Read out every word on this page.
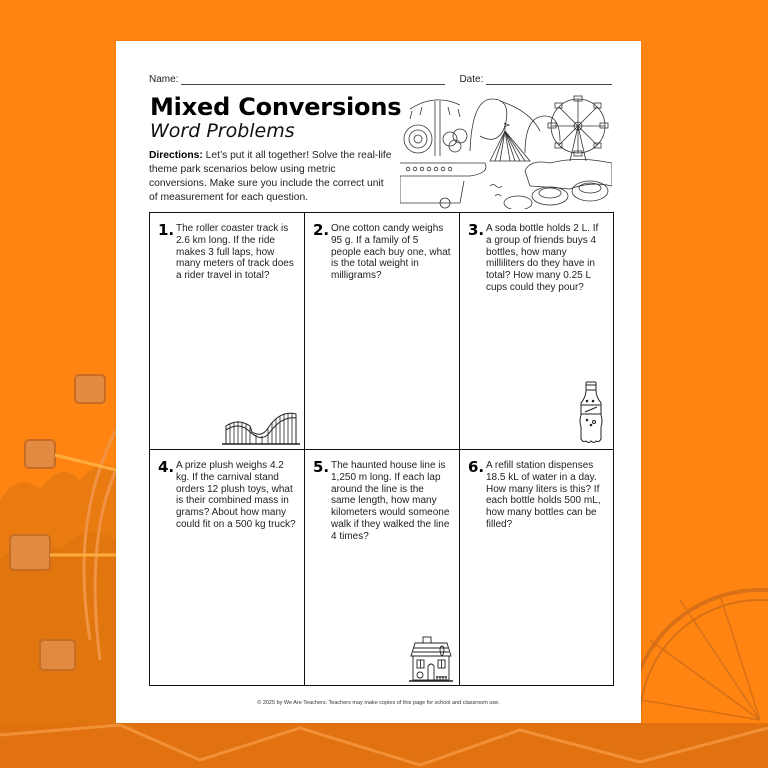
Name:	Date:
Mixed Conversions
Word Problems
Directions: Let’s put it all together! Solve the real-life theme park scenarios below using metric conversions. Make sure you include the correct unit of measurement for each question.
1. The roller coaster track is 2.6 km long. If the ride makes 3 full laps, how many meters of track does a rider travel in total?
2. One cotton candy weighs 95 g. If a family of 5 people each buy one, what is the total weight in milligrams?
3. A soda bottle holds 2 L. If a group of friends buys 4 bottles, how many milliliters do they have in total? How many 0.25 L cups could they pour?
4. A prize plush weighs 4.2 kg. If the carnival stand orders 12 plush toys, what is their combined mass in grams? About how many could fit on a 500 kg truck?
5. The haunted house line is 1,250 m long. If each lap around the line is the same length, how many kilometers would someone walk if they walked the line 4 times?
6. A refill station dispenses 18.5 kL of water in a day. How many liters is this? If each bottle holds 500 mL, how many bottles can be filled?
© 2025 by We Are Teachers. Teachers may make copies of this page for school and classroom use.
